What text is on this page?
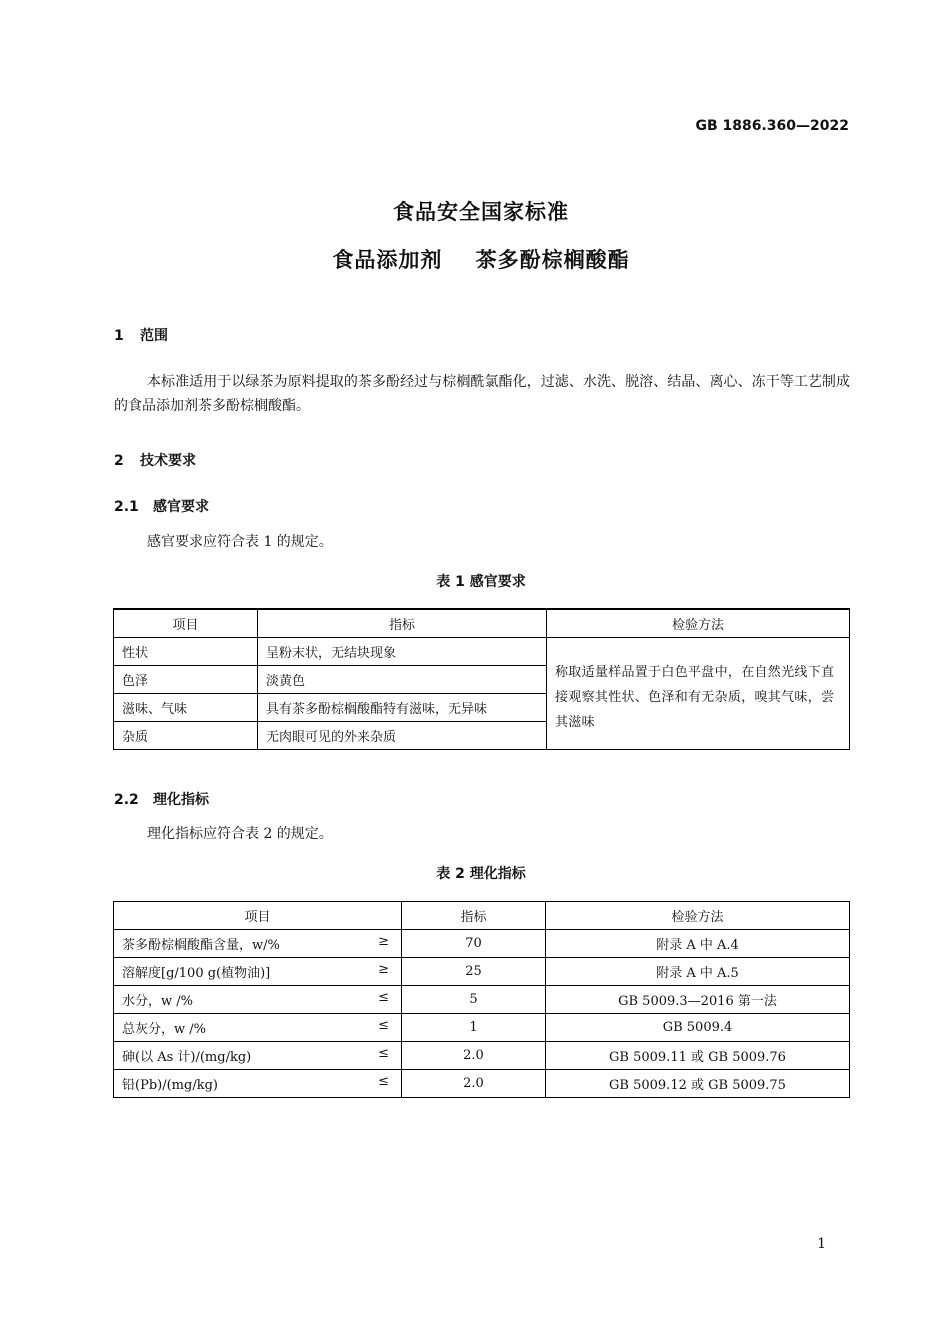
GB 1886.360—2022
食品安全国家标准
食品添加剂    茶多酚棕榈酸酯
1 范围
本标准适用于以绿茶为原料提取的茶多酚经过与棕榈酰氯酯化，过滤、水洗、脱溶、结晶、离心、冻干等工艺制成的食品添加剂茶多酚棕榈酸酯。
2 技术要求
2.1 感官要求
感官要求应符合表 1 的规定。
表 1 感官要求
项目	指标	检验方法
性状	呈粉末状，无结块现象	称取适量样品置于白色平盘中，在自然光线下直接观察其性状、色泽和有无杂质，嗅其气味，尝其滋味
色泽	淡黄色	
滋味、气味	具有茶多酚棕榈酸酯特有滋味，无异味	
杂质	无肉眼可见的外来杂质	
2.2 理化指标
理化指标应符合表 2 的规定。
表 2 理化指标
项目	指标	检验方法
茶多酚棕榈酸酯含量，w/% ≥	70	附录 A 中 A.4
溶解度[g/100 g(植物油)] ≥	25	附录 A 中 A.5
水分，w /% ≤	5	GB 5009.3—2016 第一法
总灰分，w /% ≤	1	GB 5009.4
砷(以 As 计)/(mg/kg) ≤	2.0	GB 5009.11 或 GB 5009.76
铅(Pb)/(mg/kg) ≤	2.0	GB 5009.12 或 GB 5009.75
1
